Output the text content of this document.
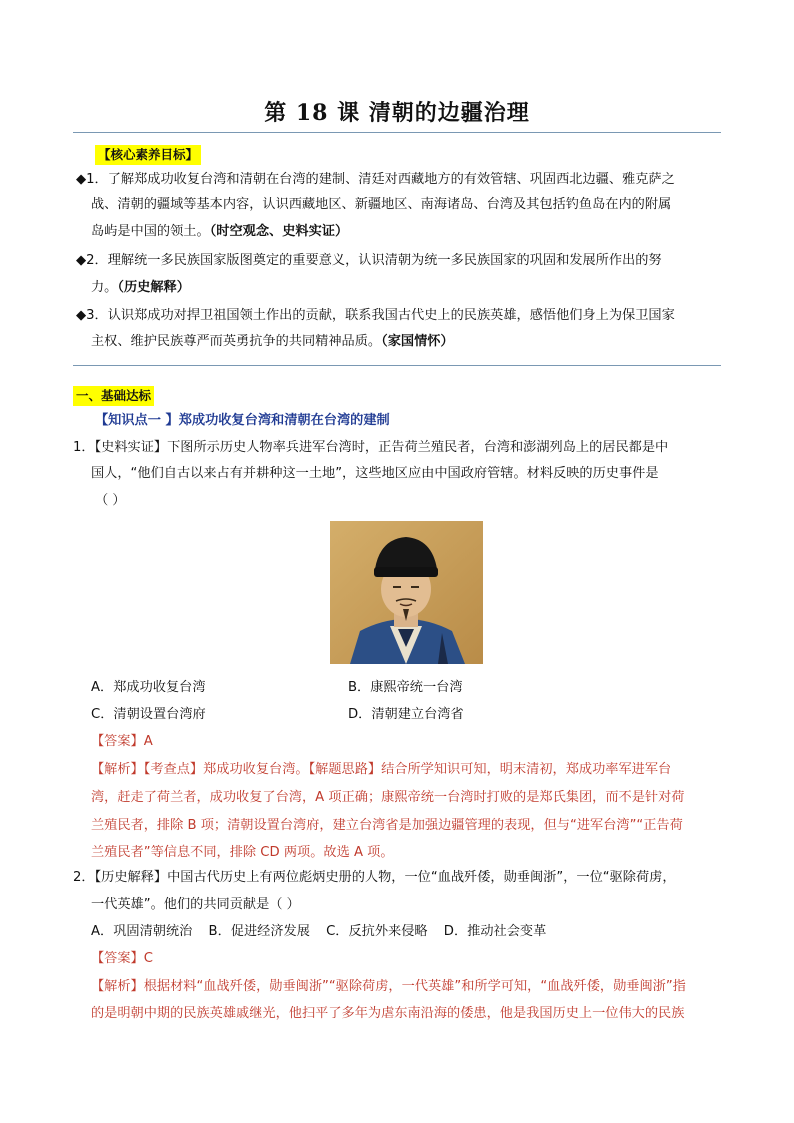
第 18 课 清朝的边疆治理
【核心素养目标】
◆1．了解郑成功收复台湾和清朝在台湾的建制、清廷对西藏地方的有效管辖、巩固西北边疆、雅克萨之
战、清朝的疆域等基本内容，认识西藏地区、新疆地区、南海诸岛、台湾及其包括钓鱼岛在内的附属
岛屿是中国的领土。（时空观念、史料实证）
◆2．理解统一多民族国家版图奠定的重要意义，认识清朝为统一多民族国家的巩固和发展所作出的努
力。（历史解释）
◆3．认识郑成功对捍卫祖国领土作出的贡献，联系我国古代史上的民族英雄，感悟他们身上为保卫国家
主权、维护民族尊严而英勇抗争的共同精神品质。（家国情怀）
一、基础达标
【知识点一 】郑成功收复台湾和清朝在台湾的建制
1．【史料实证】下图所示历史人物率兵进军台湾时，正告荷兰殖民者，台湾和澎湖列岛上的居民都是中
国人，“他们自古以来占有并耕种这一土地”，这些地区应由中国政府管辖。材料反映的历史事件是
（ ）
A．郑成功收复台湾	B．康熙帝统一台湾
C．清朝设置台湾府	D．清朝建立台湾省
【答案】A
【解析】【考查点】郑成功收复台湾。【解题思路】结合所学知识可知，明末清初，郑成功率军进军台
湾，赶走了荷兰者，成功收复了台湾，A 项正确；康熙帝统一台湾时打败的是郑氏集团，而不是针对荷
兰殖民者，排除 B 项；清朝设置台湾府，建立台湾省是加强边疆管理的表现，但与“进军台湾”“正告荷
兰殖民者”等信息不同，排除 CD 两项。故选 A 项。
2．【历史解释】中国古代历史上有两位彪炳史册的人物，一位“血战歼倭，勋垂闽浙”，一位“驱除荷虏，
一代英雄”。他们的共同贡献是（ ）
A．巩固清朝统治 B．促进经济发展 C．反抗外来侵略 D．推动社会变革
【答案】C
【解析】根据材料“血战歼倭，勋垂闽浙”“驱除荷虏，一代英雄”和所学可知，“血战歼倭，勋垂闽浙”指
的是明朝中期的民族英雄戚继光，他扫平了多年为虐东南沿海的倭患，他是我国历史上一位伟大的民族
